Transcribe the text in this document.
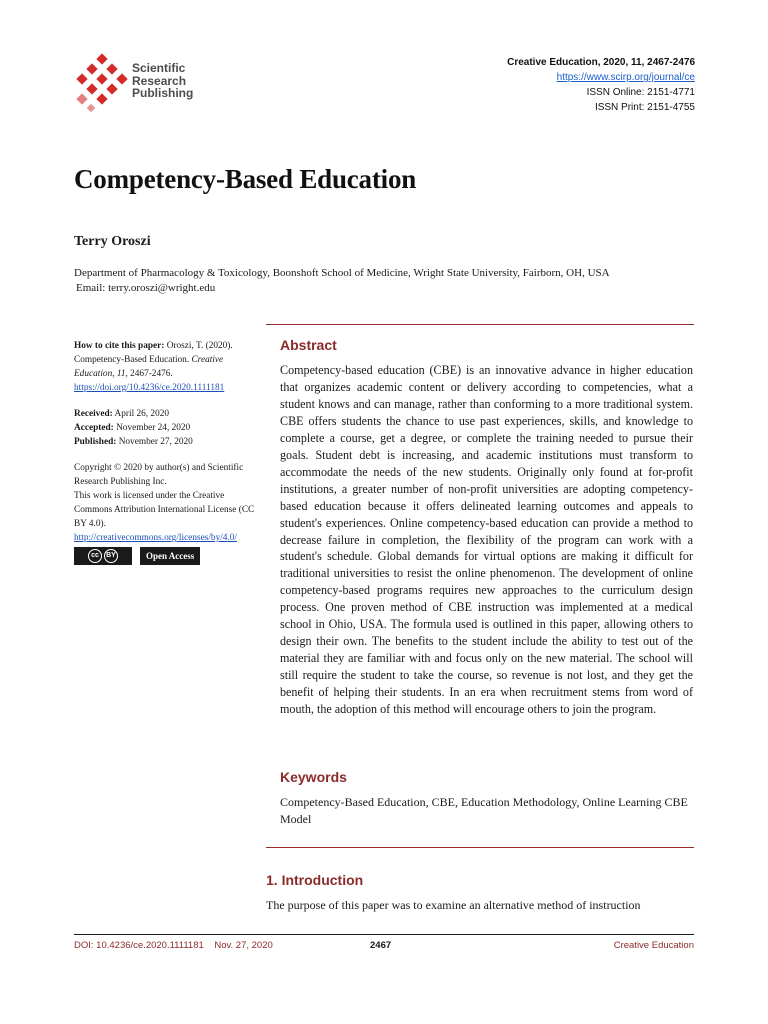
Scientific
Research
Publishing
Creative Education, 2020, 11, 2467-2476
https://www.scirp.org/journal/ce
ISSN Online: 2151-4771
ISSN Print: 2151-4755
Competency-Based Education
Terry Oroszi
Department of Pharmacology & Toxicology, Boonshoft School of Medicine, Wright State University, Fairborn, OH, USA
Email: terry.oroszi@wright.edu

How to cite this paper: Oroszi, T. (2020). Competency-Based Education. Creative Education, 11, 2467-2476.

https://doi.org/10.4236/ce.2020.1111181

Received: April 26, 2020

Accepted: November 24, 2020

Published: November 27, 2020

Copyright © 2020 by author(s) and Scientific Research Publishing Inc.

This work is licensed under the Creative Commons Attribution International License (CC BY 4.0).

http://creativecommons.org/licenses/by/4.0/

cc	BY	Open Access
Abstract
Competency-based education (CBE) is an innovative advance in higher education that organizes academic content or delivery according to competencies, what a student knows and can manage, rather than conforming to a more traditional system. CBE offers students the chance to use past experiences, skills, and knowledge to complete a course, get a degree, or complete the training needed to pursue their goals. Student debt is increasing, and academic institutions must transform to accommodate the needs of the new students. Originally only found at for-profit institutions, a greater number of non-profit universities are adopting competency-based education because it offers delineated learning outcomes and appeals to student's experiences. Online competency-based education can provide a method to decrease failure in completion, the flexibility of the program can work with a student's schedule. Global demands for virtual options are making it difficult for traditional universities to resist the online phenomenon. The development of online competency-based programs requires new approaches to the curriculum design process. One proven method of CBE instruction was implemented at a medical school in Ohio, USA. The formula used is outlined in this paper, allowing others to design their own. The benefits to the student include the ability to test out of the material they are familiar with and focus only on the new material. The school will still require the student to take the course, so revenue is not lost, and they get the benefit of helping their students. In an era when recruitment stems from word of mouth, the adoption of this method will encourage others to join the program.
Keywords
Competency-Based Education, CBE, Education Methodology, Online Learning CBE Model
1. Introduction
The purpose of this paper was to examine an alternative method of instruction
DOI: 10.4236/ce.2020.1111181 Nov. 27, 2020	2467	Creative Education
